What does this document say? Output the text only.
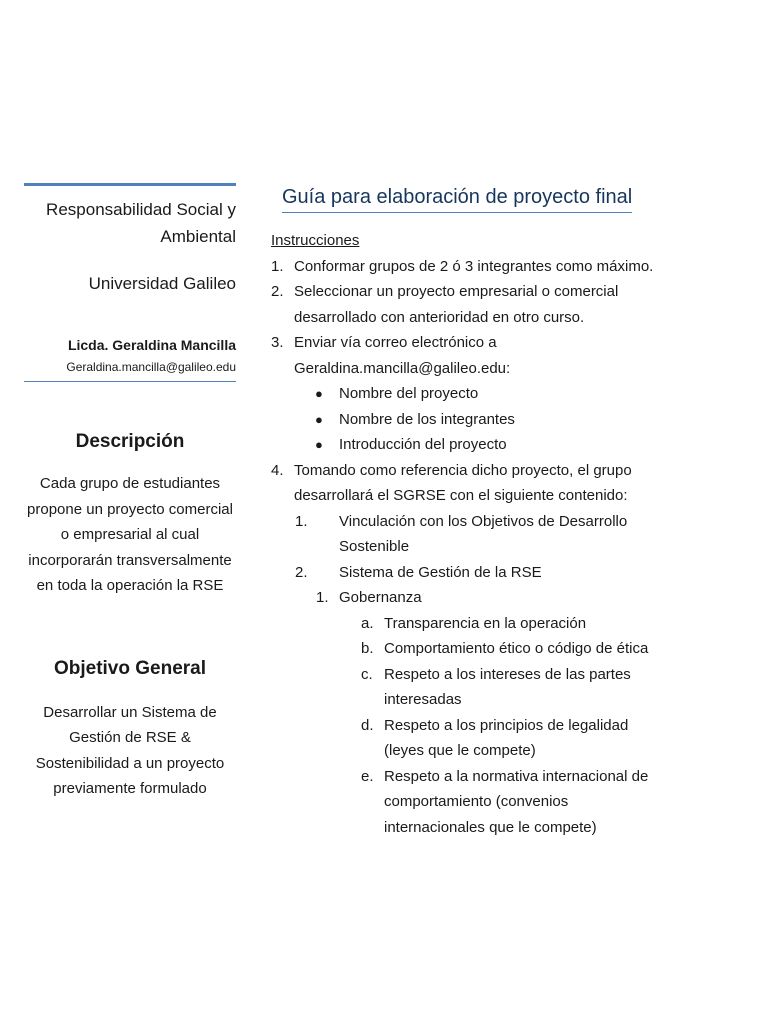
Responsabilidad Social y Ambiental
Universidad Galileo
Licda. Geraldina Mancilla
Geraldina.mancilla@galileo.edu
Descripción
Cada grupo de estudiantes propone un proyecto comercial o empresarial al cual incorporarán transversalmente en toda la operación la RSE
Objetivo General
Desarrollar un Sistema de Gestión de RSE & Sostenibilidad a un proyecto previamente formulado
Guía para elaboración de proyecto final
Instrucciones
1. Conformar grupos de 2 ó 3 integrantes como máximo.
2. Seleccionar un proyecto empresarial o comercial desarrollado con anterioridad en otro curso.
3. Enviar vía correo electrónico a Geraldina.mancilla@galileo.edu:
● Nombre del proyecto
● Nombre de los integrantes
● Introducción del proyecto
4. Tomando como referencia dicho proyecto, el grupo desarrollará el SGRSE con el siguiente contenido:
1. Vinculación con los Objetivos de Desarrollo Sostenible
2. Sistema de Gestión de la RSE
1. Gobernanza
a. Transparencia en la operación
b. Comportamiento ético o código de ética
c. Respeto a los intereses de las partes interesadas
d. Respeto a los principios de legalidad (leyes que le compete)
e. Respeto a la normativa internacional de comportamiento (convenios internacionales que le compete)
